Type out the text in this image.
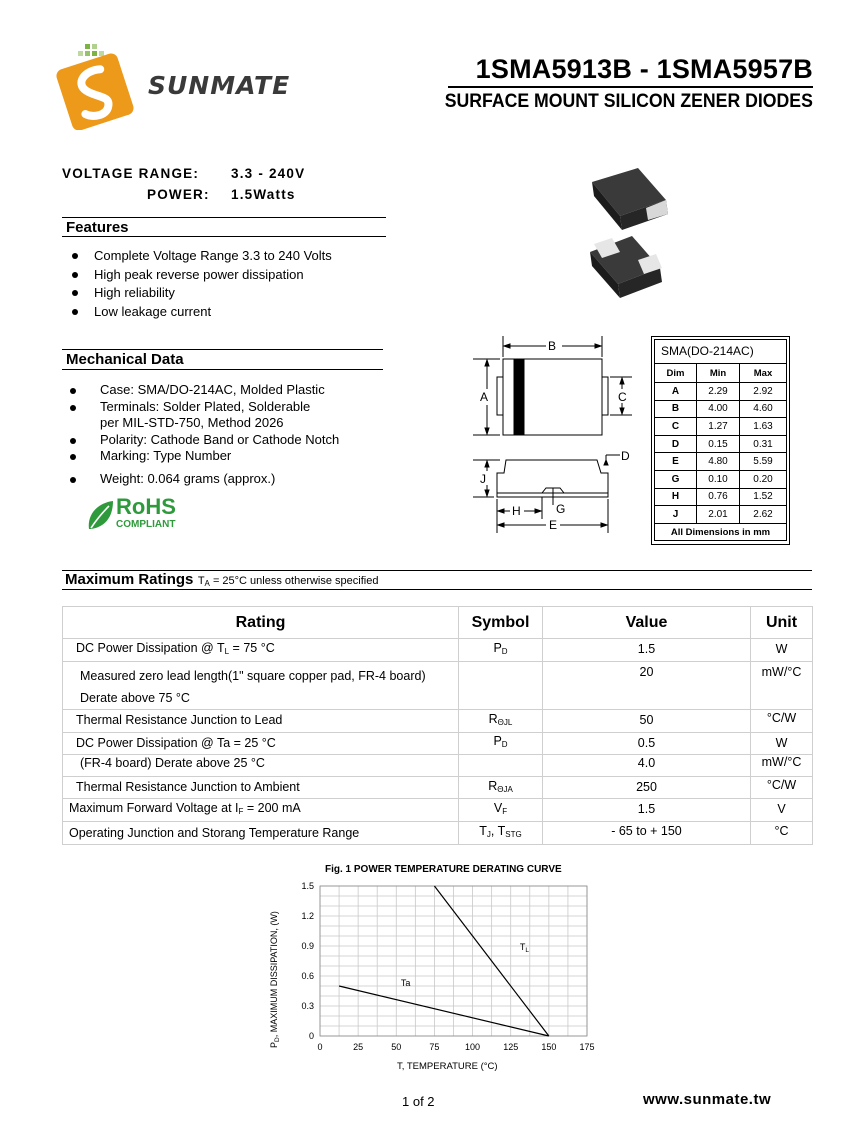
SUNMATE
1SMA5913B - 1SMA5957B
SURFACE MOUNT SILICON ZENER DIODES
VOLTAGE RANGE: 3.3 - 240V
POWER: 1.5Watts
Features
Complete Voltage Range 3.3 to 240 Volts
High peak reverse power dissipation
High reliability
Low leakage current
Mechanical Data
Case: SMA/DO-214AC, Molded Plastic
Terminals: Solder Plated, Solderable
per MIL-STD-750, Method 2026
Polarity: Cathode Band or Cathode Notch
Marking: Type Number
Weight: 0.064 grams (approx.)
RoHS
COMPLIANT
B
A	C
D
J
H	G
E
SMA(DO-214AC)
Dim	Min	Max
A	2.29	2.92
B	4.00	4.60
C	1.27	1.63
D	0.15	0.31
E	4.80	5.59
G	0.10	0.20
H	0.76	1.52
J	2.01	2.62
All Dimensions in mm		
Maximum Ratings $T_A = 25^\circ C$ unless otherwise specified
Rating	Symbol	Value	Unit
DC Power Dissipation @ $T_L = 75$ °C	$P_D$	1.5	W

Measured zero lead length(1" square copper pad, FR-4 board)
Derate above 75 °C		20	mW/°C
Thermal Resistance Junction to Lead	$R_{\Theta JL}$	50	°C/W
DC Power Dissipation @ Ta = 25 °C	$P_D$	0.5	W
(FR-4 board) Derate above 25 °C		4.0	mW/°C
Thermal Resistance Junction to Ambient	$R_{\Theta JA}$	250	°C/W
Maximum Forward Voltage at $I_F = 200$ mA	$V_F$	1.5	V
Operating Junction and Storang Temperature Range	$T_J$, $T_{STG}$	- 65 to + 150	°C
Fig. 1 POWER TEMPERATURE DERATING CURVE
0	25	50	75	100	125	150	175
0
0.3
0.6
0.9
1.2
1.5
$T_L$
Ta
$P_D$, MAXIMUM DISSIPATION, (W)
T, TEMPERATURE (°C)
1 of 2	www.sunmate.tw
